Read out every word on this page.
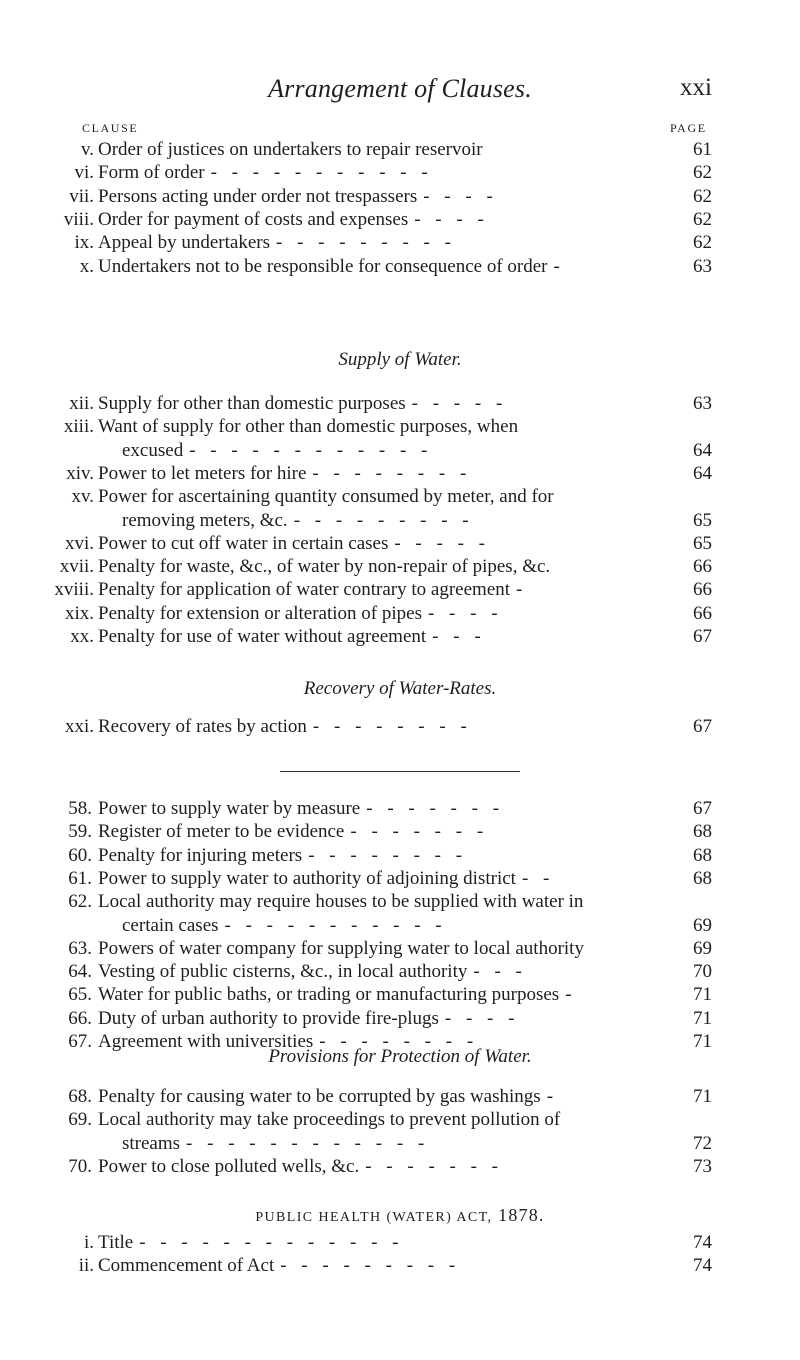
Arrangement of Clauses.	xxi
CLAUSE	PAGE
v. Order of justices on undertakers to repair reservoir	61
vi. Form of order - - - - - - - - - - -	62
vii. Persons acting under order not trespassers - - - -	62
viii. Order for payment of costs and expenses - - - -	62
ix. Appeal by undertakers - - - - - - - - -	62
x. Undertakers not to be responsible for consequence of order -	63
Supply of Water.
xii. Supply for other than domestic purposes - - - - -	63
xiii. Want of supply for other than domestic purposes, when
excused - - - - - - - - - - - -	64
xiv. Power to let meters for hire - - - - - - - -	64
xv. Power for ascertaining quantity consumed by meter, and for
removing meters, &c. - - - - - - - - -	65
xvi. Power to cut off water in certain cases - - - - -	65
xvii. Penalty for waste, &c., of water by non-repair of pipes, &c.	66
xviii. Penalty for application of water contrary to agreement -	66
xix. Penalty for extension or alteration of pipes - - - -	66
xx. Penalty for use of water without agreement - - -	67
Recovery of Water-Rates.
xxi. Recovery of rates by action - - - - - - - -	67
58. Power to supply water by measure - - - - - - -	67
59. Register of meter to be evidence - - - - - - -	68
60. Penalty for injuring meters - - - - - - - -	68
61. Power to supply water to authority of adjoining district - -	68
62. Local authority may require houses to be supplied with water in
certain cases - - - - - - - - - - -	69
63. Powers of water company for supplying water to local authority	69
64. Vesting of public cisterns, &c., in local authority - - -	70
65. Water for public baths, or trading or manufacturing purposes -	71
66. Duty of urban authority to provide fire-plugs - - - -	71
67. Agreement with universities - - - - - - - -	71
Provisions for Protection of Water.
68. Penalty for causing water to be corrupted by gas washings -	71
69. Local authority may take proceedings to prevent pollution of
streams - - - - - - - - - - - -	72
70. Power to close polluted wells, &c. - - - - - - -	73
PUBLIC HEALTH (WATER) ACT, 1878.
i. Title - - - - - - - - - - - - -	74
ii. Commencement of Act - - - - - - - - -	74
